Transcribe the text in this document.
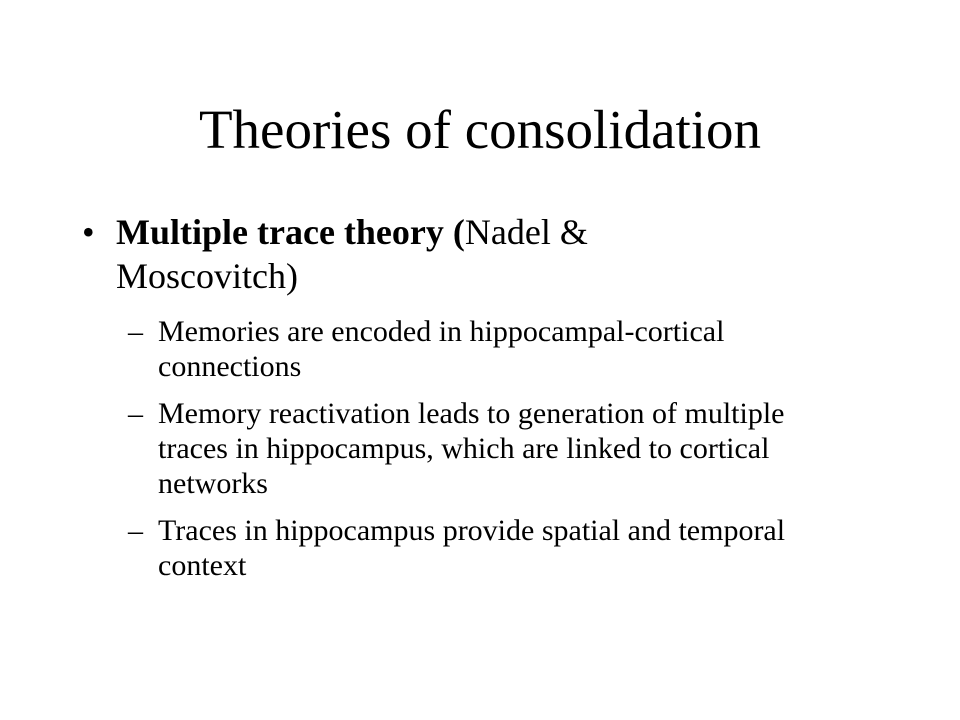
Theories of consolidation
• Multiple trace theory (Nadel & Moscovitch)
– Memories are encoded in hippocampal-cortical connections
– Memory reactivation leads to generation of multiple traces in hippocampus, which are linked to cortical networks
– Traces in hippocampus provide spatial and temporal context
